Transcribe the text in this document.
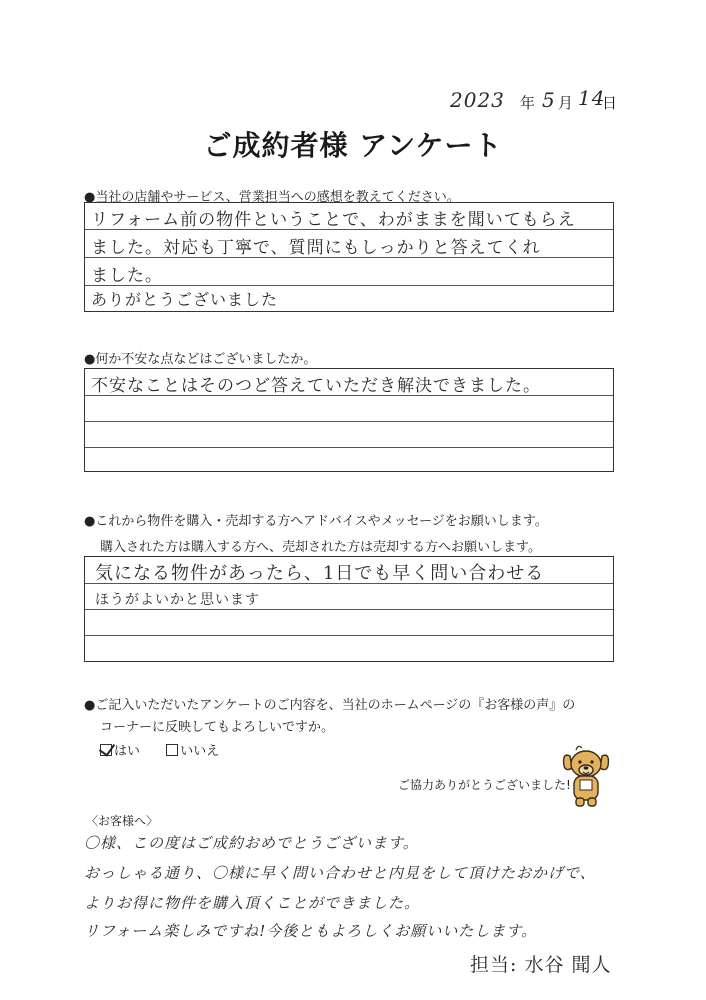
2023 年 5 月 14
日
ご成約者様 アンケート
●当社の店舗やサービス、営業担当への感想を教えてください。
リフォーム前の物件ということで、わがままを聞いてもらえ
ました。対応も丁寧で、質問にもしっかりと答えてくれ
ました。
ありがとうございました
●何か不安な点などはございましたか。
不安なことはそのつど答えていただき解決できました。
●これから物件を購入・売却する方へアドバイスやメッセージをお願いします。
購入された方は購入する方へ、売却された方は売却する方へお願いします。
気になる物件があったら、1日でも早く問い合わせる
ほうがよいかと思います
●ご記入いただいたアンケートのご内容を、当社のホームページの『お客様の声』の
コーナーに反映してもよろしいですか。
はい	いいえ
ご協力ありがとうございました!
〈お客様へ〉
〇様、この度はご成約おめでとうございます。
おっしゃる通り、〇様に早く問い合わせと内見をして頂けたおかげで、
よりお得に物件を購入頂くことができました。
リフォーム楽しみですね!今後ともよろしくお願いいたします。
担当: 水谷 聞人
